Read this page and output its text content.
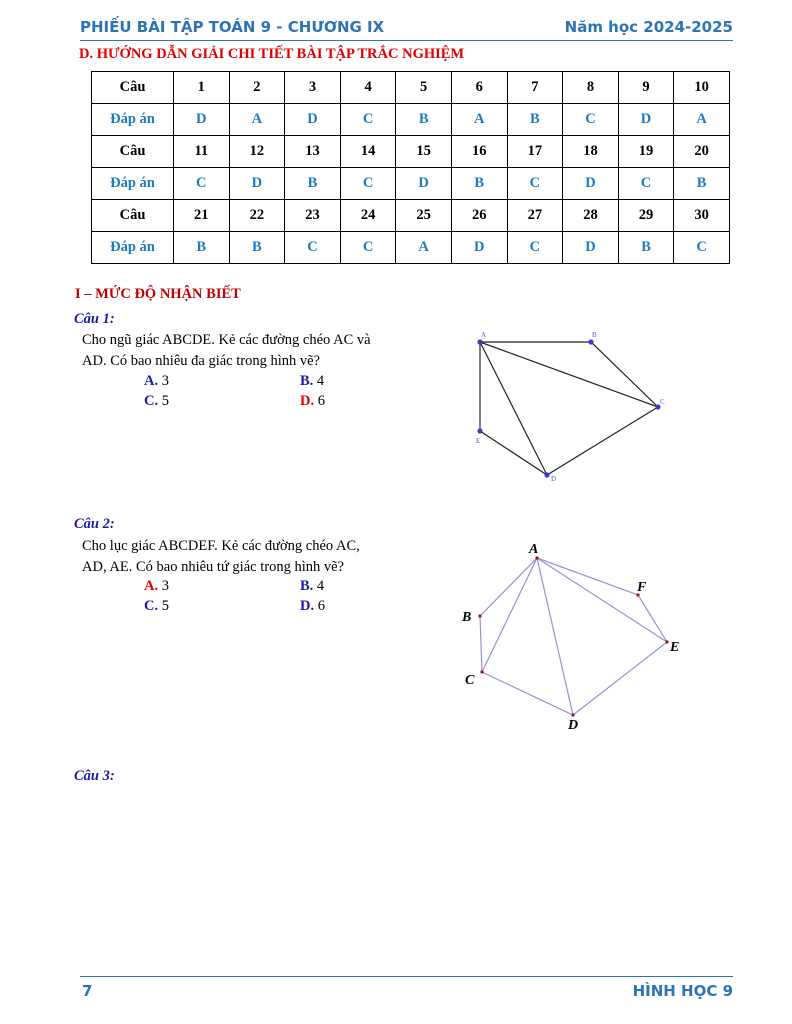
PHIẾU BÀI TẬP TOÁN 9 - CHƯƠNG IX	Năm học 2024-2025
D. HƯỚNG DẪN GIẢI CHI TIẾT BÀI TẬP TRẮC NGHIỆM
Câu	1	2	3	4	5	6	7	8	9	10
Đáp án	D	A	D	C	B	A	B	C	D	A
Câu	11	12	13	14	15	16	17	18	19	20
Đáp án	C	D	B	C	D	B	C	D	C	B
Câu	21	22	23	24	25	26	27	28	29	30
Đáp án	B	B	C	C	A	D	C	D	B	C
I – MỨC ĐỘ NHẬN BIẾT
Câu 1:
Cho ngũ giác ABCDE. Kẻ các đường chéo AC và
AD. Có bao nhiêu đa giác trong hình vẽ?
A. 3	B. 4
C. 5	D. 6
A	B
C
D
E
Câu 2:
Cho lục giác ABCDEF. Kẻ các đường chéo AC,
AD, AE. Có bao nhiêu tứ giác trong hình vẽ?
A. 3	B. 4
C. 5	D. 6
A
B
C
D
E
F
Câu 3:
7	HÌNH HỌC 9
